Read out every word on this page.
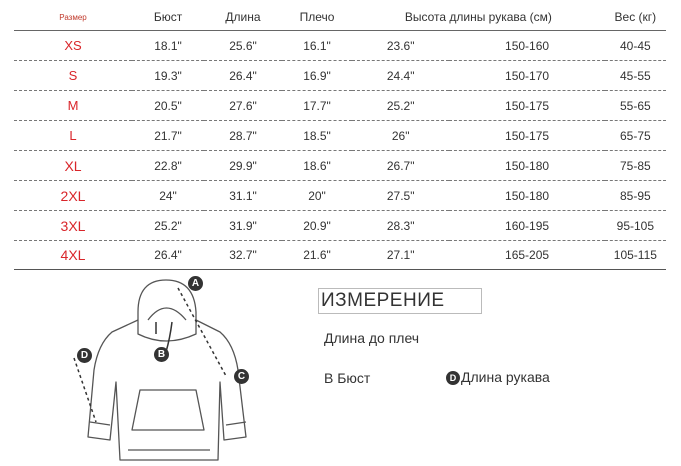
Размер	Бюст	Длина	Плечо	Высота длины рукава (см)		Вес (кг)
XS	18.1"	25.6"	16.1"	23.6"	150-160	40-45
S	19.3"	26.4"	16.9"	24.4"	150-170	45-55
M	20.5"	27.6"	17.7"	25.2"	150-175	55-65
L	21.7"	28.7"	18.5"	26"	150-175	65-75
XL	22.8"	29.9"	18.6"	26.7"	150-180	75-85
2XL	24"	31.1"	20"	27.5"	150-180	85-95
3XL	25.2"	31.9"	20.9"	28.3"	160-195	95-105
4XL	26.4"	32.7"	21.6"	27.1"	165-205	105-115
A
B
C
D
ИЗМЕРЕНИЕ
Длина до плеч
В Бюст	D Длина рукава
